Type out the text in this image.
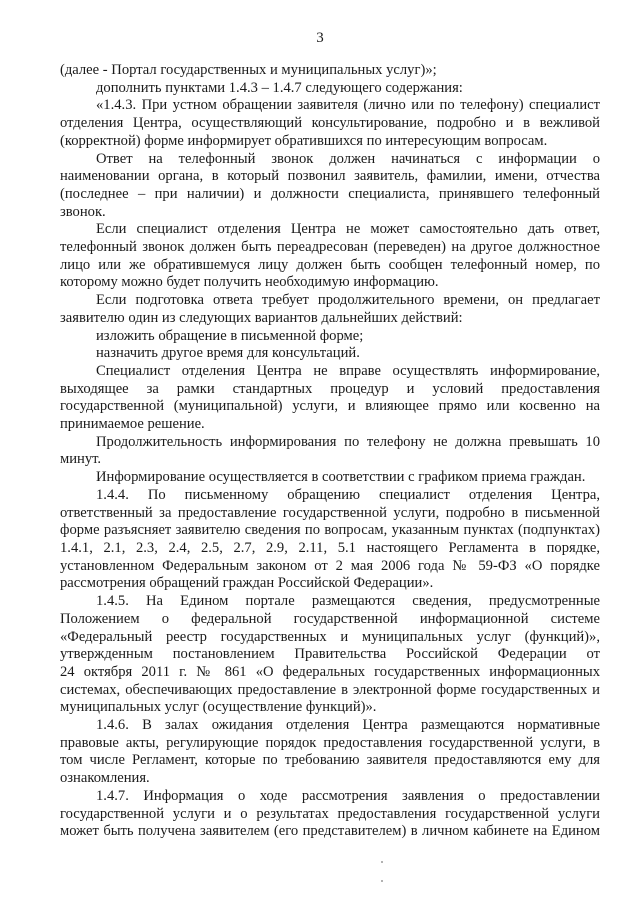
3
(далее - Портал государственных и муниципальных услуг)»;
дополнить пунктами 1.4.3 – 1.4.7 следующего содержания:
«1.4.3. При устном обращении заявителя (лично или по телефону) специалист
отделения Центра, осуществляющий консультирование, подробно и в вежливой
(корректной) форме информирует обратившихся по интересующим вопросам.
Ответ на телефонный звонок должен начинаться с информации о
наименовании органа, в который позвонил заявитель, фамилии, имени, отчества
(последнее – при наличии) и должности специалиста, принявшего телефонный
звонок.
Если специалист отделения Центра не может самостоятельно дать ответ,
телефонный звонок должен быть переадресован (переведен) на другое должностное
лицо или же обратившемуся лицу должен быть сообщен телефонный номер, по
которому можно будет получить необходимую информацию.
Если подготовка ответа требует продолжительного времени, он предлагает
заявителю один из следующих вариантов дальнейших действий:
изложить обращение в письменной форме;
назначить другое время для консультаций.
Специалист отделения Центра не вправе осуществлять информирование,
выходящее за рамки стандартных процедур и условий предоставления
государственной (муниципальной) услуги, и влияющее прямо или косвенно на
принимаемое решение.
Продолжительность информирования по телефону не должна превышать 10
минут.
Информирование осуществляется в соответствии с графиком приема граждан.
1.4.4. По письменному обращению специалист отделения Центра,
ответственный за предоставление государственной услуги, подробно в письменной
форме разъясняет заявителю сведения по вопросам, указанным пунктах (подпунктах)
1.4.1, 2.1, 2.3, 2.4, 2.5, 2.7, 2.9, 2.11, 5.1 настоящего Регламента в порядке,
установленном Федеральным законом от 2 мая 2006 года № 59-ФЗ «О порядке
рассмотрения обращений граждан Российской Федерации».
1.4.5. На Едином портале размещаются сведения, предусмотренные
Положением о федеральной государственной информационной системе
«Федеральный реестр государственных и муниципальных услуг (функций)»,
утвержденным постановлением Правительства Российской Федерации от
24 октября 2011 г. № 861 «О федеральных государственных информационных
системах, обеспечивающих предоставление в электронной форме государственных и
муниципальных услуг (осуществление функций)».
1.4.6. В залах ожидания отделения Центра размещаются нормативные
правовые акты, регулирующие порядок предоставления государственной услуги, в
том числе Регламент, которые по требованию заявителя предоставляются ему для
ознакомления.
1.4.7. Информация о ходе рассмотрения заявления о предоставлении
государственной услуги и о результатах предоставления государственной услуги
может быть получена заявителем (его представителем) в личном кабинете на Едином
